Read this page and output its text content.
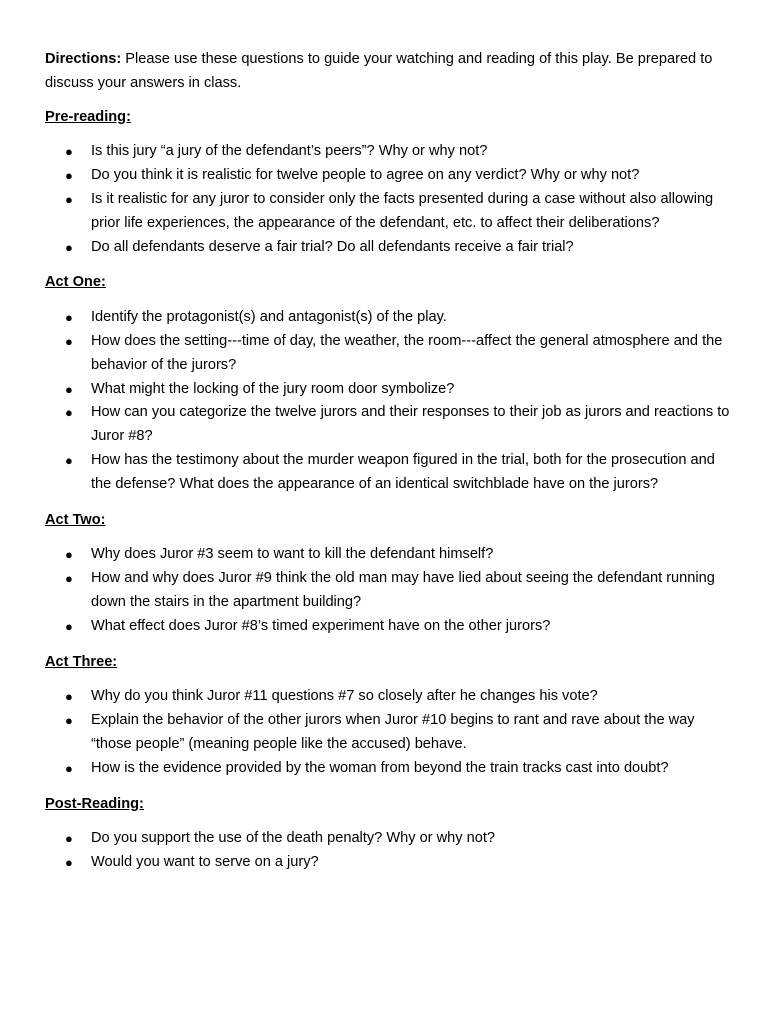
Directions: Please use these questions to guide your watching and reading of this play. Be prepared to discuss your answers in class.

Pre-reading:
● Is this jury “a jury of the defendant’s peers”? Why or why not?
● Do you think it is realistic for twelve people to agree on any verdict? Why or why not?
● Is it realistic for any juror to consider only the facts presented during a case without also allowing prior life experiences, the appearance of the defendant, etc. to affect their deliberations?
● Do all defendants deserve a fair trial? Do all defendants receive a fair trial?
Act One:
● Identify the protagonist(s) and antagonist(s) of the play.
● How does the setting---time of day, the weather, the room---affect the general atmosphere and the behavior of the jurors?
● What might the locking of the jury room door symbolize?
● How can you categorize the twelve jurors and their responses to their job as jurors and reactions to Juror #8?
● How has the testimony about the murder weapon figured in the trial, both for the prosecution and the defense? What does the appearance of an identical switchblade have on the jurors?
Act Two:
● Why does Juror #3 seem to want to kill the defendant himself?
● How and why does Juror #9 think the old man may have lied about seeing the defendant running down the stairs in the apartment building?
● What effect does Juror #8’s timed experiment have on the other jurors?
Act Three:
● Why do you think Juror #11 questions #7 so closely after he changes his vote?
● Explain the behavior of the other jurors when Juror #10 begins to rant and rave about the way “those people” (meaning people like the accused) behave.
● How is the evidence provided by the woman from beyond the train tracks cast into doubt?
Post-Reading:
● Do you support the use of the death penalty? Why or why not?
● Would you want to serve on a jury?
